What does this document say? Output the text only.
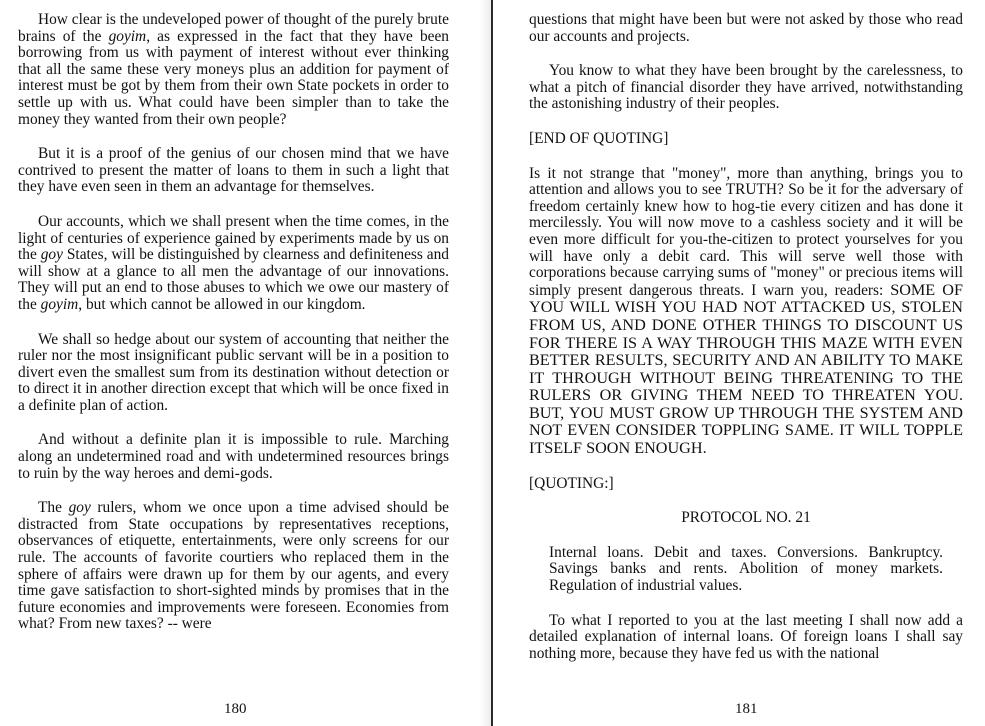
How clear is the undeveloped power of thought of the purely brute brains of the goyim, as expressed in the fact that they have been borrowing from us with payment of interest without ever thinking that all the same these very moneys plus an addition for payment of interest must be got by them from their own State pockets in order to settle up with us. What could have been simpler than to take the money they wanted from their own people?

But it is a proof of the genius of our chosen mind that we have contrived to present the matter of loans to them in such a light that they have even seen in them an advantage for themselves.

Our accounts, which we shall present when the time comes, in the light of centuries of experience gained by experiments made by us on the goy States, will be distinguished by clearness and definiteness and will show at a glance to all men the advantage of our innovations. They will put an end to those abuses to which we owe our mastery of the goyim, but which cannot be allowed in our kingdom.

We shall so hedge about our system of accounting that neither the ruler nor the most insignificant public servant will be in a position to divert even the smallest sum from its destination without detection or to direct it in another direction except that which will be once fixed in a definite plan of action.

And without a definite plan it is impossible to rule. Marching along an undetermined road and with undetermined resources brings to ruin by the way heroes and demi-gods.

The goy rulers, whom we once upon a time advised should be distracted from State occupations by representatives receptions, observances of etiquette, entertainments, were only screens for our rule. The accounts of favorite courtiers who replaced them in the sphere of affairs were drawn up for them by our agents, and every time gave satisfaction to short-sighted minds by promises that in the future economies and improvements were foreseen. Economies from what? From new taxes? -- were

180

questions that might have been but were not asked by those who read our accounts and projects.

You know to what they have been brought by the carelessness, to what a pitch of financial disorder they have arrived, notwithstanding the astonishing industry of their peoples.

[END OF QUOTING]

Is it not strange that "money", more than anything, brings you to attention and allows you to see TRUTH? So be it for the adversary of freedom certainly knew how to hog-tie every citizen and has done it mercilessly. You will now move to a cashless society and it will be even more difficult for you-the-citizen to protect yourselves for you will have only a debit card. This will serve well those with corporations because carrying sums of "money" or precious items will simply present dangerous threats. I warn you, readers: SOME OF YOU WILL WISH YOU HAD NOT ATTACKED US, STOLEN FROM US, AND DONE OTHER THINGS TO DISCOUNT US FOR THERE IS A WAY THROUGH THIS MAZE WITH EVEN BETTER RESULTS, SECURITY AND AN ABILITY TO MAKE IT THROUGH WITHOUT BEING THREATENING TO THE RULERS OR GIVING THEM NEED TO THREATEN YOU. BUT, YOU MUST GROW UP THROUGH THE SYSTEM AND NOT EVEN CONSIDER TOPPLING SAME. IT WILL TOPPLE ITSELF SOON ENOUGH.

[QUOTING:]

PROTOCOL NO. 21

Internal loans. Debit and taxes. Conversions. Bankruptcy. Savings banks and rents. Abolition of money markets. Regulation of industrial values.

To what I reported to you at the last meeting I shall now add a detailed explanation of internal loans. Of foreign loans I shall say nothing more, because they have fed us with the national

181
